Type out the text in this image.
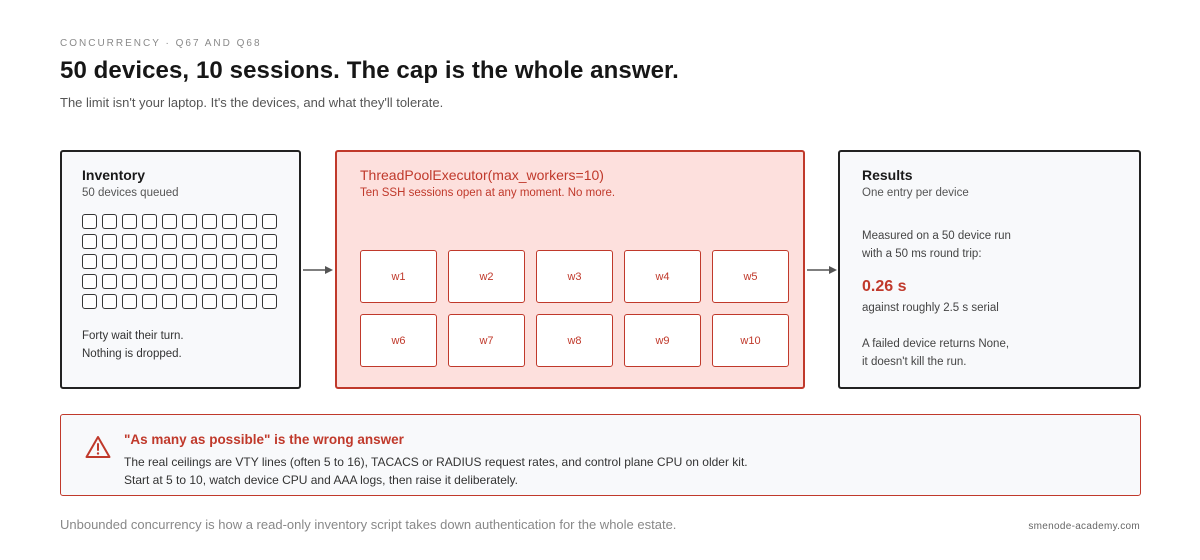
CONCURRENCY · Q67 AND Q68
50 devices, 10 sessions. The cap is the whole answer.
The limit isn't your laptop. It's the devices, and what they'll tolerate.
Inventory
50 devices queued
Forty wait their turn.
Nothing is dropped.
ThreadPoolExecutor(max_workers=10)
Ten SSH sessions open at any moment. No more.
w1	w2	w3	w4	w5
w6	w7	w8	w9	w10
Results
One entry per device
Measured on a 50 device run
with a 50 ms round trip:
0.26 s
against roughly 2.5 s serial
A failed device returns None,
it doesn't kill the run.
"As many as possible" is the wrong answer
The real ceilings are VTY lines (often 5 to 16), TACACS or RADIUS request rates, and control plane CPU on older kit.
Start at 5 to 10, watch device CPU and AAA logs, then raise it deliberately.
Unbounded concurrency is how a read-only inventory script takes down authentication for the whole estate.	smenode-academy.com
